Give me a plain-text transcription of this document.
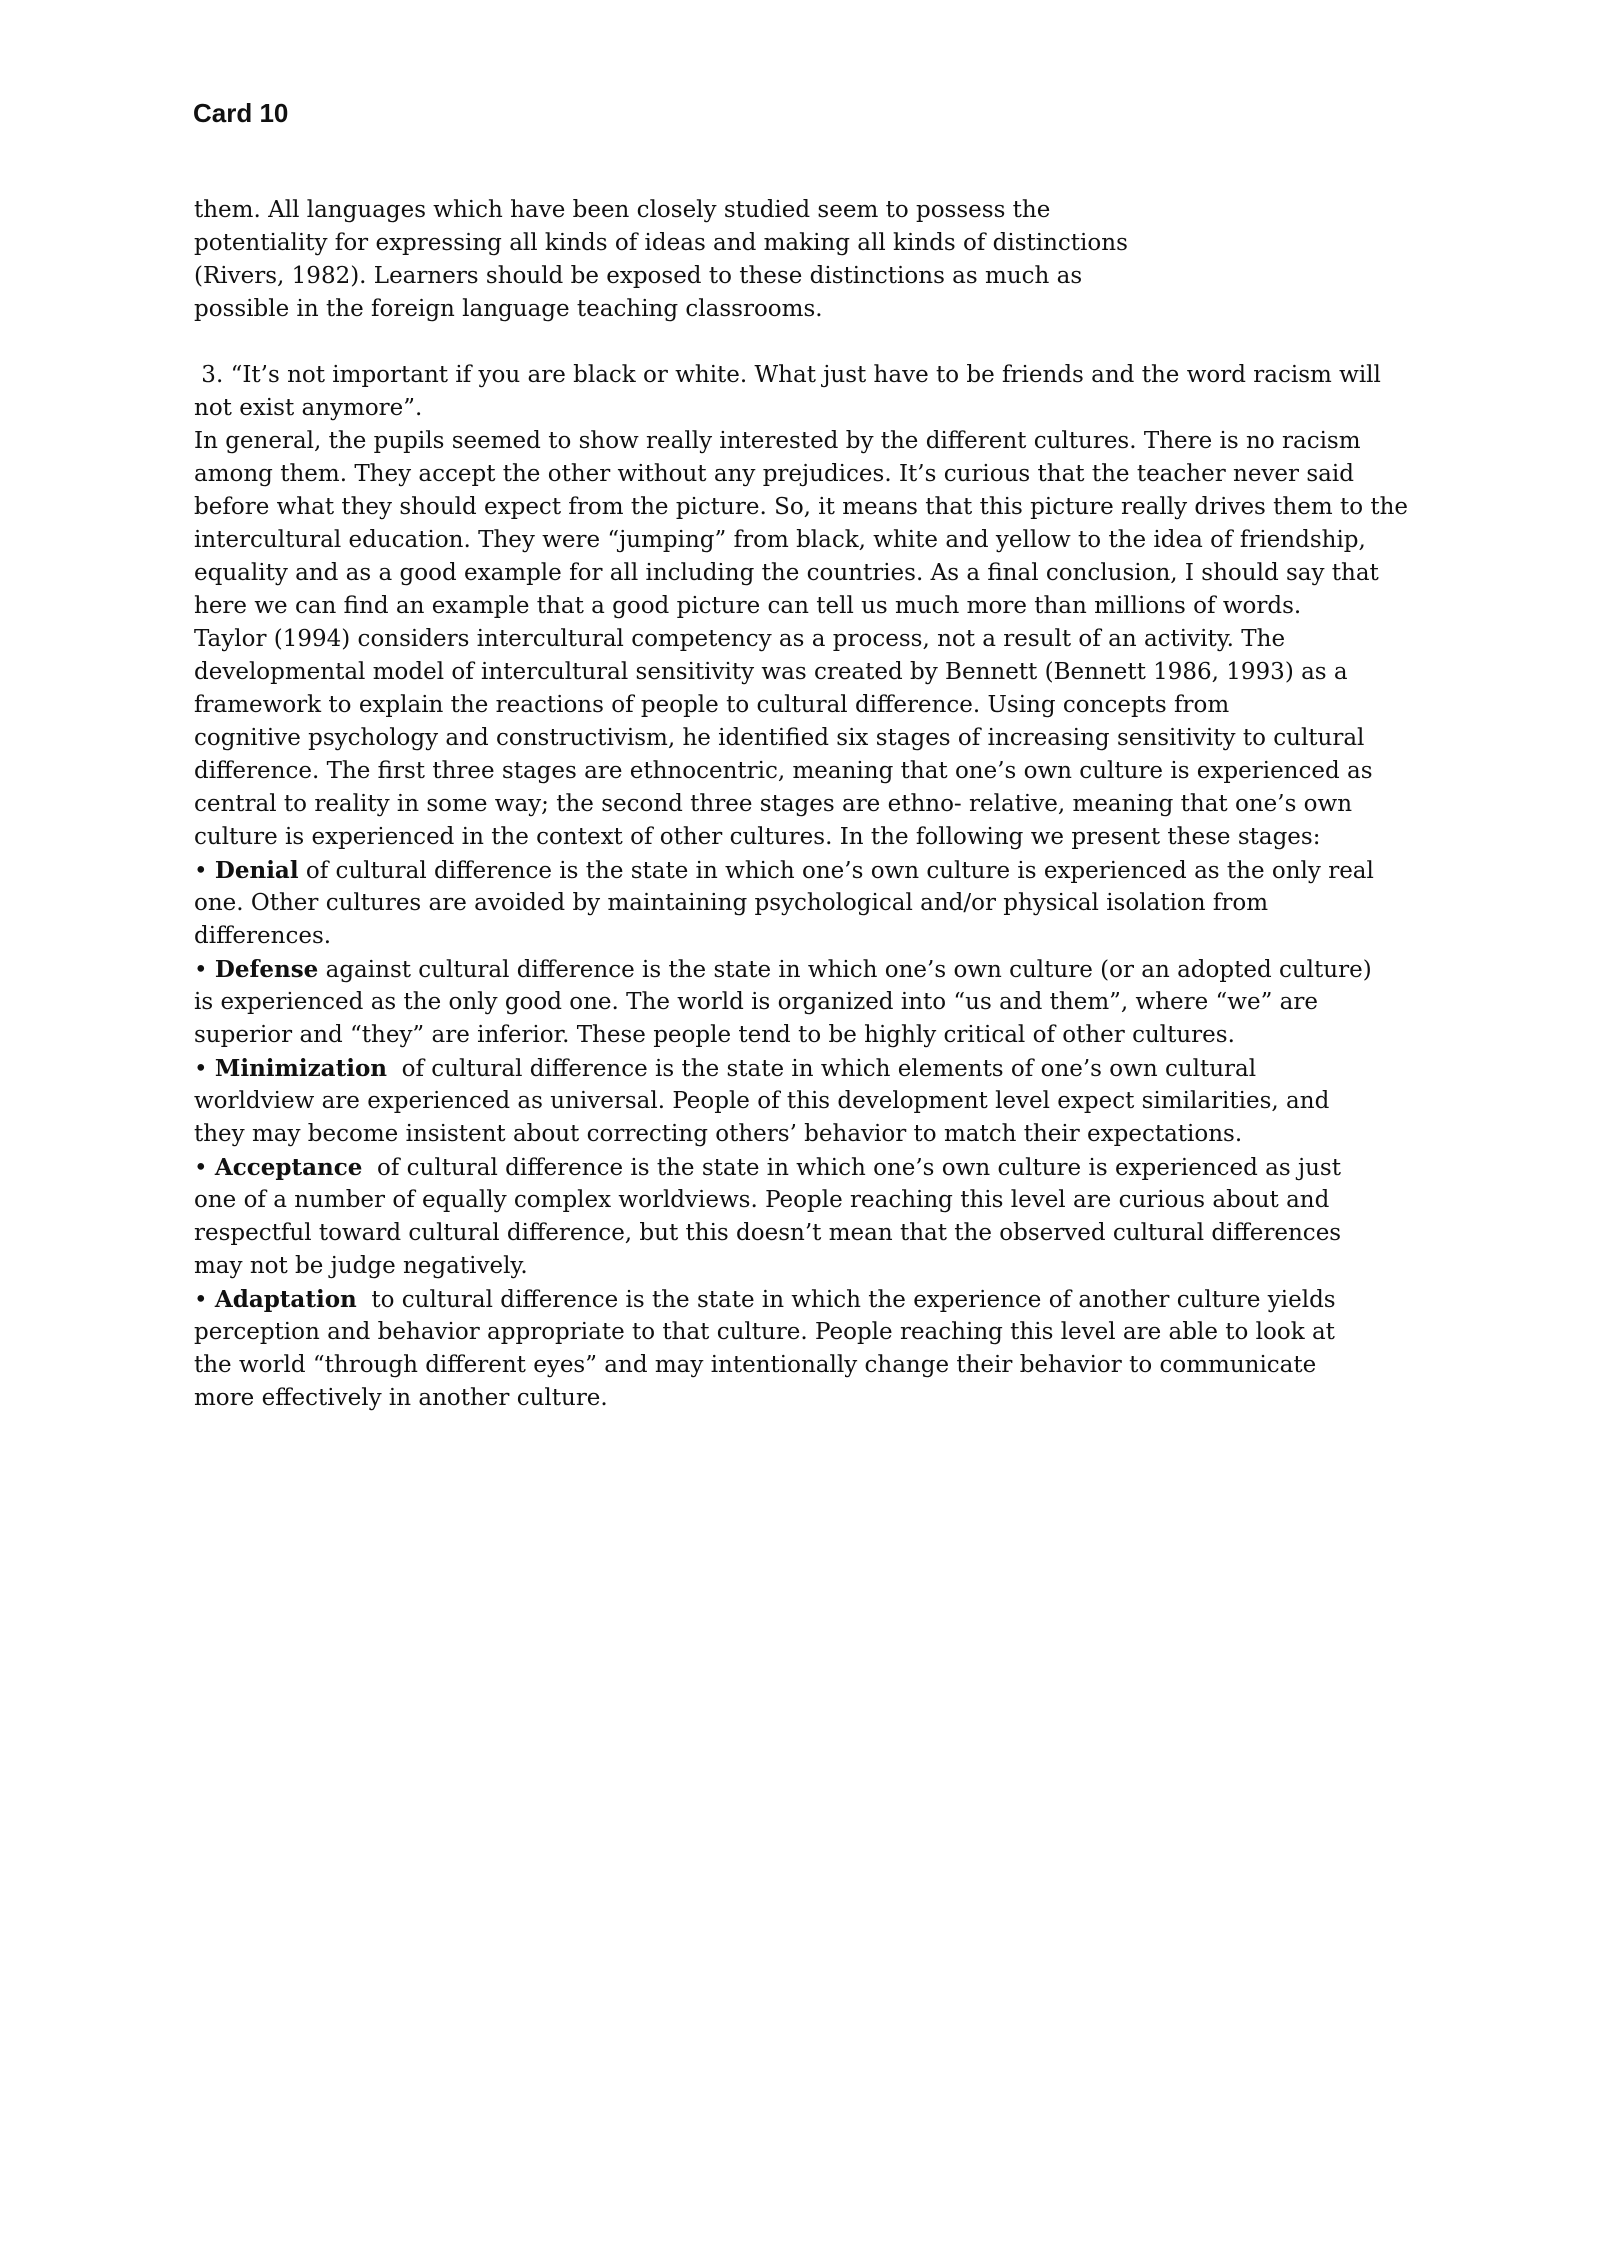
Card 10
them. All languages which have been closely studied seem to possess the
potentiality for expressing all kinds of ideas and making all kinds of distinctions
(Rivers, 1982). Learners should be exposed to these distinctions as much as
possible in the foreign language teaching classrooms.
3. “It’s not important if you are black or white. What just have to be friends and the word racism will
not exist anymore”.
In general, the pupils seemed to show really interested by the different cultures. There is no racism
among them. They accept the other without any prejudices. It’s curious that the teacher never said
before what they should expect from the picture. So, it means that this picture really drives them to the
intercultural education. They were “jumping” from black, white and yellow to the idea of friendship,
equality and as a good example for all including the countries. As a final conclusion, I should say that
here we can find an example that a good picture can tell us much more than millions of words.
Taylor (1994) considers intercultural competency as a process, not a result of an activity. The
developmental model of intercultural sensitivity was created by Bennett (Bennett 1986, 1993) as a
framework to explain the reactions of people to cultural difference. Using concepts from
cognitive psychology and constructivism, he identified six stages of increasing sensitivity to cultural
difference. The first three stages are ethnocentric, meaning that one’s own culture is experienced as
central to reality in some way; the second three stages are ethno- relative, meaning that one’s own
culture is experienced in the context of other cultures. In the following we present these stages:
• Denial of cultural difference is the state in which one’s own culture is experienced as the only real
one. Other cultures are avoided by maintaining psychological and/or physical isolation from
differences.
• Defense against cultural difference is the state in which one’s own culture (or an adopted culture)
is experienced as the only good one. The world is organized into “us and them”, where “we” are
superior and “they” are inferior. These people tend to be highly critical of other cultures.
• Minimization  of cultural difference is the state in which elements of one’s own cultural
worldview are experienced as universal. People of this development level expect similarities, and
they may become insistent about correcting others’ behavior to match their expectations.
• Acceptance  of cultural difference is the state in which one’s own culture is experienced as just
one of a number of equally complex worldviews. People reaching this level are curious about and
respectful toward cultural difference, but this doesn’t mean that the observed cultural differences
may not be judge negatively.
• Adaptation  to cultural difference is the state in which the experience of another culture yields
perception and behavior appropriate to that culture. People reaching this level are able to look at
the world “through different eyes” and may intentionally change their behavior to communicate
more effectively in another culture.
